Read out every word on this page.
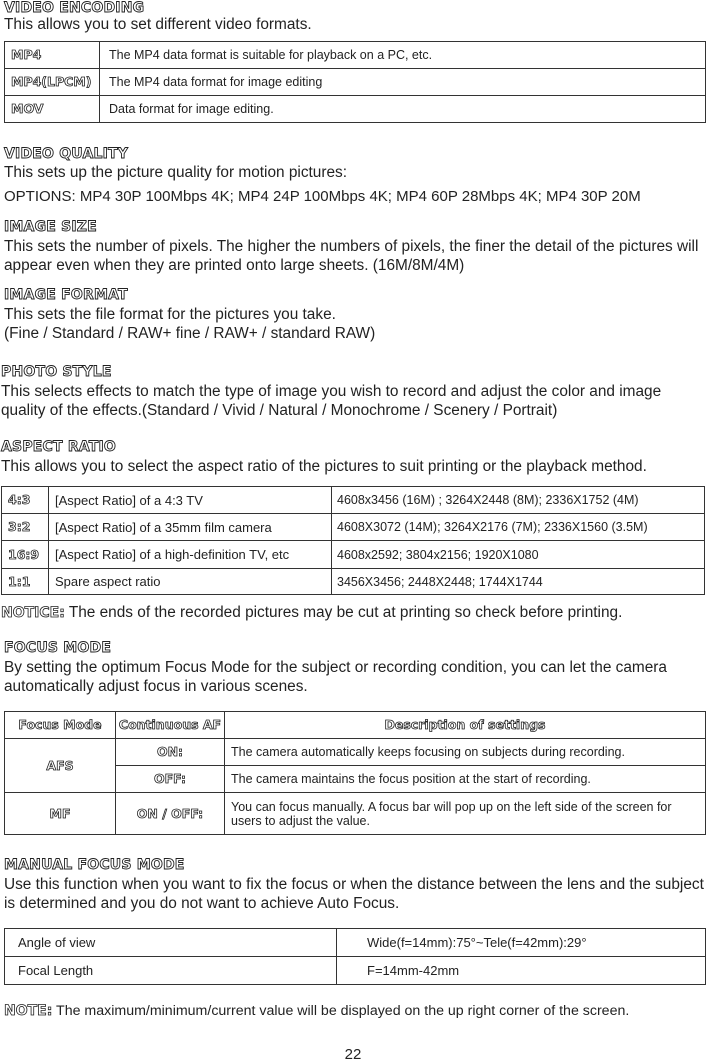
VIDEO ENCODING
This allows you to set different video formats.
MP4	The MP4 data format is suitable for playback on a PC, etc.
MP4(LPCM)	The MP4 data format for image editing
MOV	Data format for image editing.
VIDEO QUALITY
This sets up the picture quality for motion pictures:
OPTIONS: MP4 30P 100Mbps 4K; MP4 24P 100Mbps 4K; MP4 60P 28Mbps 4K; MP4 30P 20M
IMAGE SIZE
This sets the number of pixels. The higher the numbers of pixels, the finer the detail of the pictures will appear even when they are printed onto large sheets. (16M/8M/4M)
IMAGE FORMAT
This sets the file format for the pictures you take.
(Fine / Standard / RAW+ fine / RAW+ / standard RAW)
PHOTO STYLE
This selects effects to match the type of image you wish to record and adjust the color and image quality of the effects.(Standard / Vivid / Natural / Monochrome / Scenery / Portrait)
ASPECT RATIO
This allows you to select the aspect ratio of the pictures to suit printing or the playback method.
4:3	[Aspect Ratio] of a 4:3 TV	4608x3456 (16M) ; 3264X2448 (8M); 2336X1752 (4M)
3:2	[Aspect Ratio] of a 35mm film camera	4608X3072 (14M); 3264X2176 (7M); 2336X1560 (3.5M)
16:9	[Aspect Ratio] of a high-definition TV, etc	4608x2592; 3804x2156; 1920X1080
1:1	Spare aspect ratio	3456X3456; 2448X2448; 1744X1744
NOTICE: The ends of the recorded pictures may be cut at printing so check before printing.
FOCUS MODE
By setting the optimum Focus Mode for the subject or recording condition, you can let the camera automatically adjust focus in various scenes.
Focus Mode	Continuous AF	Description of settings
AFS	ON:	The camera automatically keeps focusing on subjects during recording.
	OFF:	The camera maintains the focus position at the start of recording.
MF	ON / OFF:	You can focus manually. A focus bar will pop up on the left side of the screen for users to adjust the value.
MANUAL FOCUS MODE
Use this function when you want to fix the focus or when the distance between the lens and the subject is determined and you do not want to achieve Auto Focus.
Angle of view	Wide(f=14mm):75°~Tele(f=42mm):29°
Focal Length	F=14mm-42mm
NOTE: The maximum/minimum/current value will be displayed on the up right corner of the screen.
22
